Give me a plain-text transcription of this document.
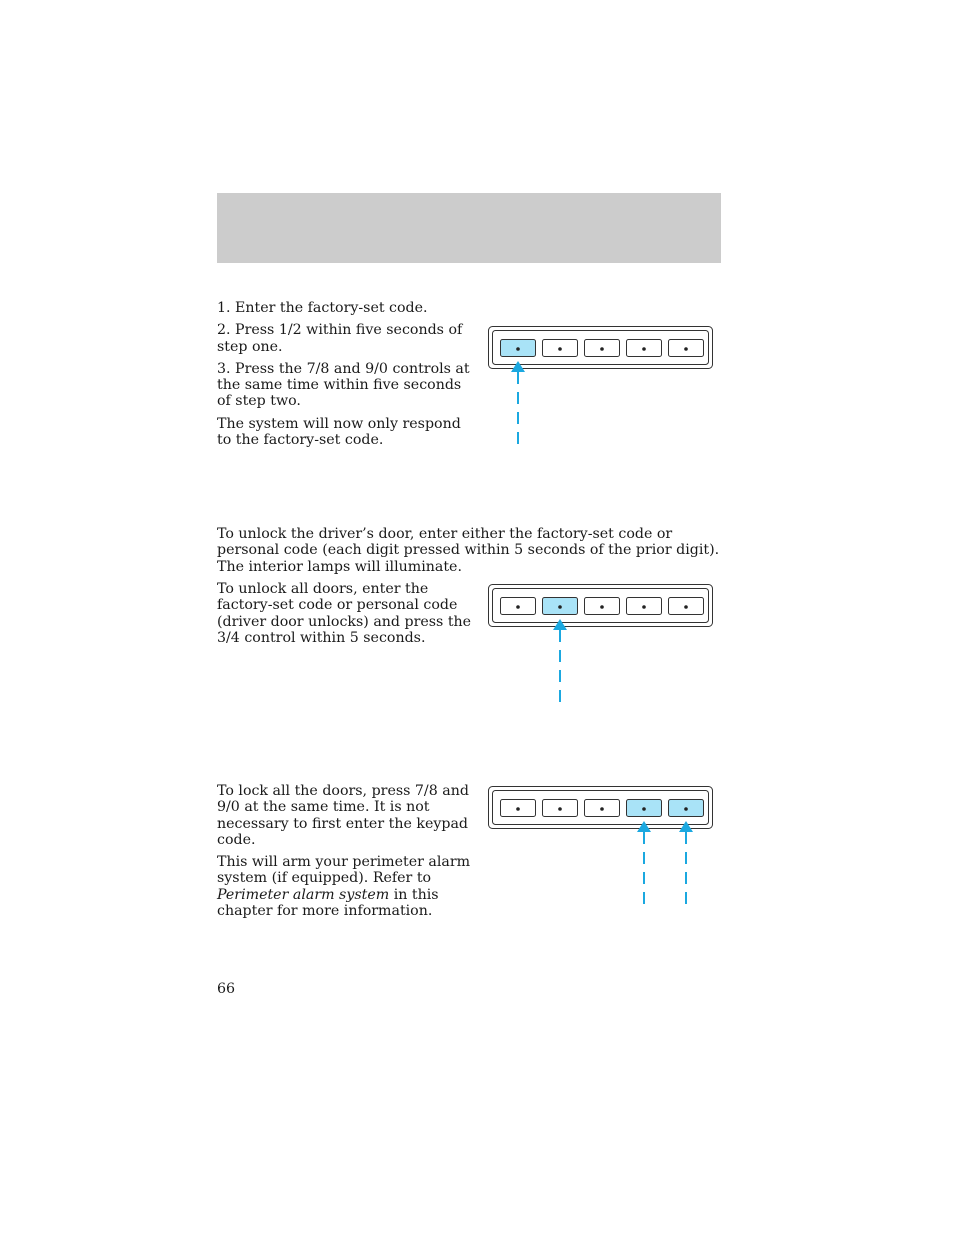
1. Enter the factory-set code.

2. Press 1/2 within five seconds of step one.

3. Press the 7/8 and 9/0 controls at the same time within five seconds of step two.

The system will now only respond to the factory-set code.

To unlock the driver’s door, enter either the factory-set code or personal code (each digit pressed within 5 seconds of the prior digit). The interior lamps will illuminate.

To unlock all doors, enter the factory-set code or personal code (driver door unlocks) and press the 3/4 control within 5 seconds.

To lock all the doors, press 7/8 and 9/0 at the same time. It is not necessary to first enter the keypad code.

This will arm your perimeter alarm system (if equipped). Refer to Perimeter alarm system in this chapter for more information.

66
